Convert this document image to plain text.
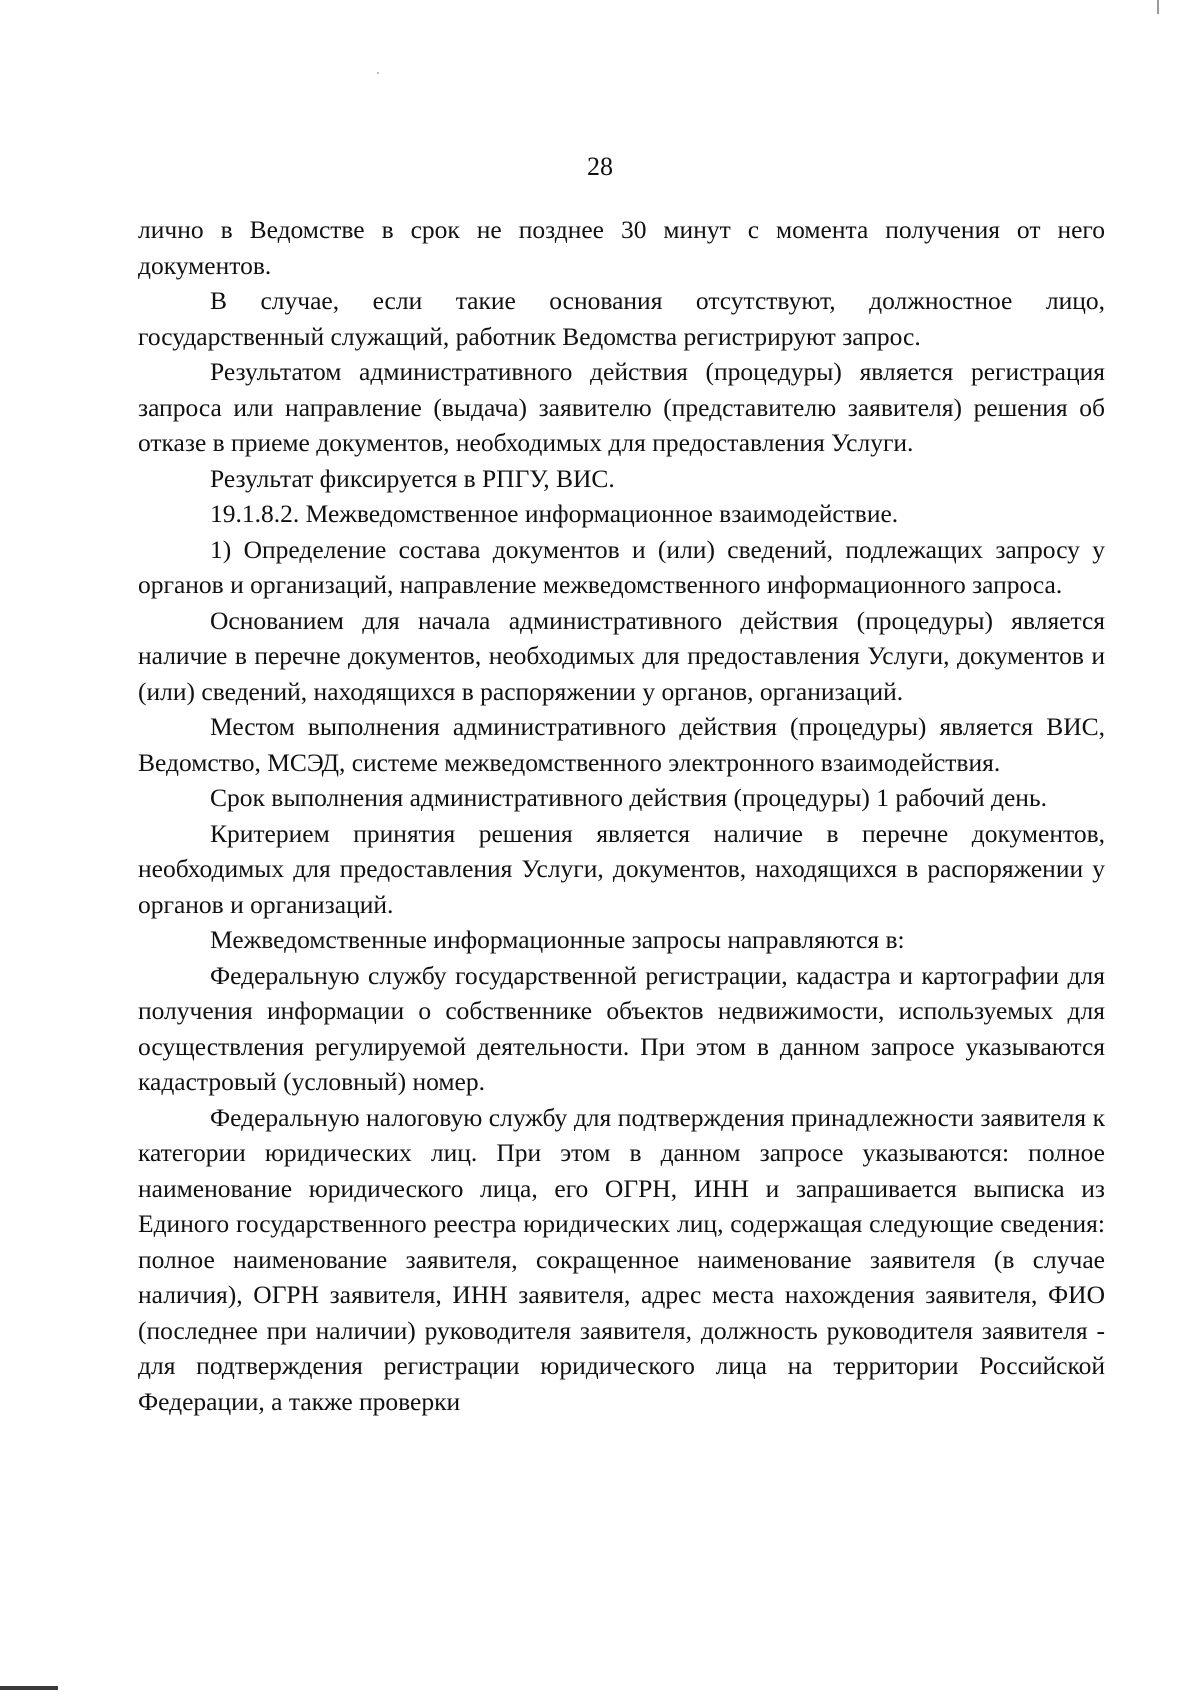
28

лично в Ведомстве в срок не позднее 30 минут с момента получения от него документов.

В случае, если такие основания отсутствуют, должностное лицо, государственный служащий, работник Ведомства регистрируют запрос.

Результатом административного действия (процедуры) является регистрация запроса или направление (выдача) заявителю (представителю заявителя) решения об отказе в приеме документов, необходимых для предоставления Услуги.

Результат фиксируется в РПГУ, ВИС.

19.1.8.2. Межведомственное информационное взаимодействие.

1) Определение состава документов и (или) сведений, подлежащих запросу у органов и организаций, направление межведомственного информационного запроса.

Основанием для начала административного действия (процедуры) является наличие в перечне документов, необходимых для предоставления Услуги, документов и (или) сведений, находящихся в распоряжении у органов, организаций.

Местом выполнения административного действия (процедуры) является ВИС, Ведомство, МСЭД, системе межведомственного электронного взаимодействия.

Срок выполнения административного действия (процедуры) 1 рабочий день.

Критерием принятия решения является наличие в перечне документов, необходимых для предоставления Услуги, документов, находящихся в распоряжении у органов и организаций.

Межведомственные информационные запросы направляются в:

Федеральную службу государственной регистрации, кадастра и картографии для получения информации о собственнике объектов недвижимости, используемых для осуществления регулируемой деятельности. При этом в данном запросе указываются кадастровый (условный) номер.

Федеральную налоговую службу для подтверждения принадлежности заявителя к категории юридических лиц. При этом в данном запросе указываются: полное наименование юридического лица, его ОГРН, ИНН и запрашивается выписка из Единого государственного реестра юридических лиц, содержащая следующие сведения: полное наименование заявителя, сокращенное наименование заявителя (в случае наличия), ОГРН заявителя, ИНН заявителя, адрес места нахождения заявителя, ФИО (последнее при наличии) руководителя заявителя, должность руководителя заявителя - для подтверждения регистрации юридического лица на территории Российской Федерации, а также проверки
